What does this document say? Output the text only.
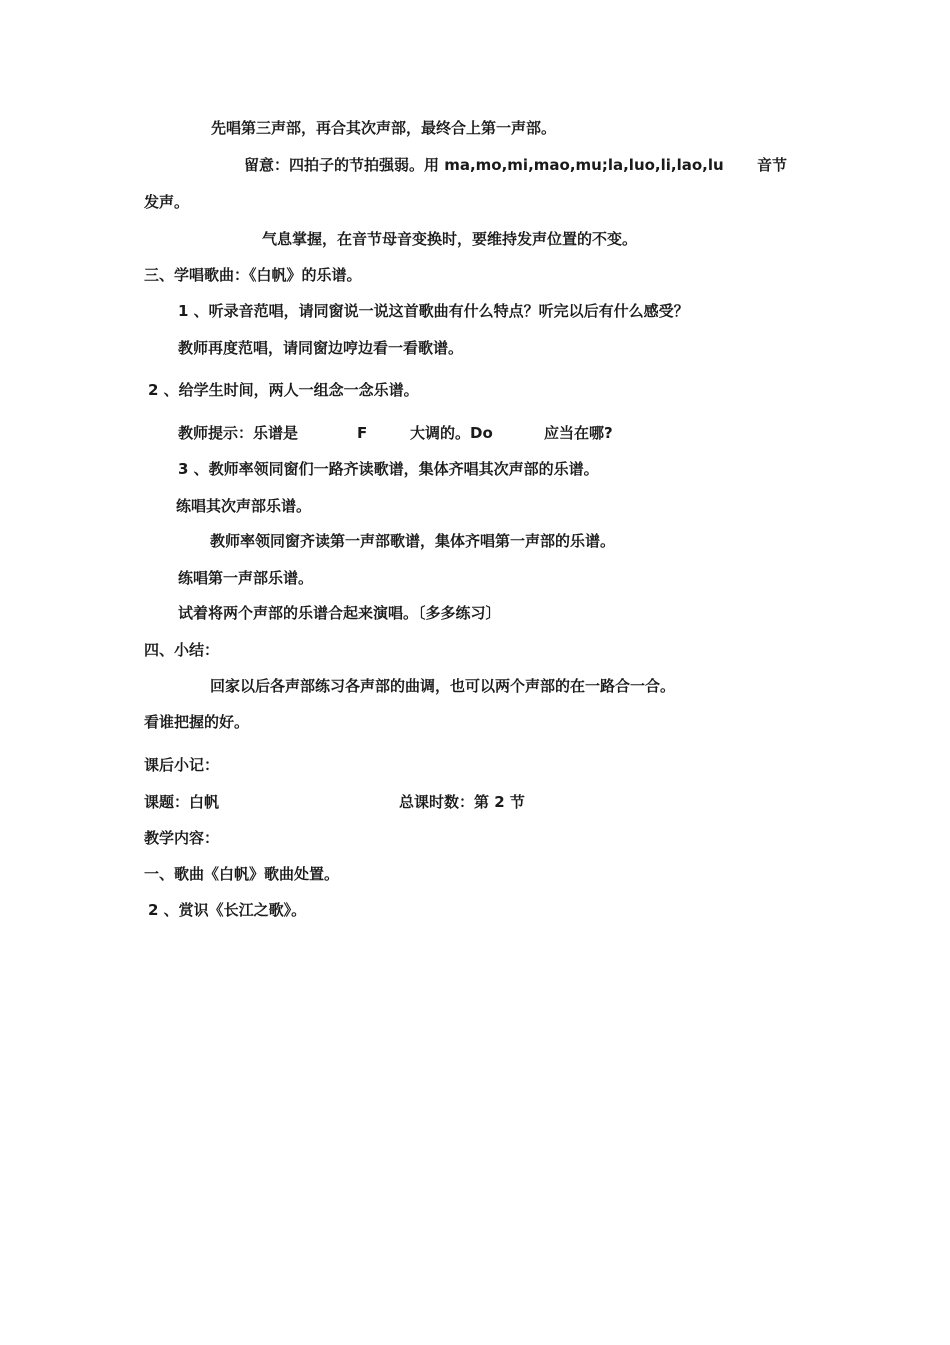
先唱第三声部，再合其次声部，最终合上第一声部。
留意：四拍子的节拍强弱。用 ma,mo,mi,mao,mu;la,luo,li,lao,lu 音节
发声。
气息掌握，在音节母音变换时，要维持发声位置的不变。
三、学唱歌曲：《白帆》的乐谱。
1 、听录音范唱，请同窗说一说这首歌曲有什么特点？听完以后有什么感受？
教师再度范唱，请同窗边哼边看一看歌谱。
2 、给学生时间，两人一组念一念乐谱。
教师提示：乐谱是	F	大调的。Do	应当在哪?
3 、教师率领同窗们一路齐读歌谱，集体齐唱其次声部的乐谱。
练唱其次声部乐谱。
教师率领同窗齐读第一声部歌谱，集体齐唱第一声部的乐谱。
练唱第一声部乐谱。
试着将两个声部的乐谱合起来演唱。〔多多练习〕
四、小结：
回家以后各声部练习各声部的曲调，也可以两个声部的在一路合一合。
看谁把握的好。
课后小记：
课题：白帆	总课时数：第 2 节
教学内容：
一、歌曲《白帆》歌曲处置。
2 、赏识《长江之歌》。
